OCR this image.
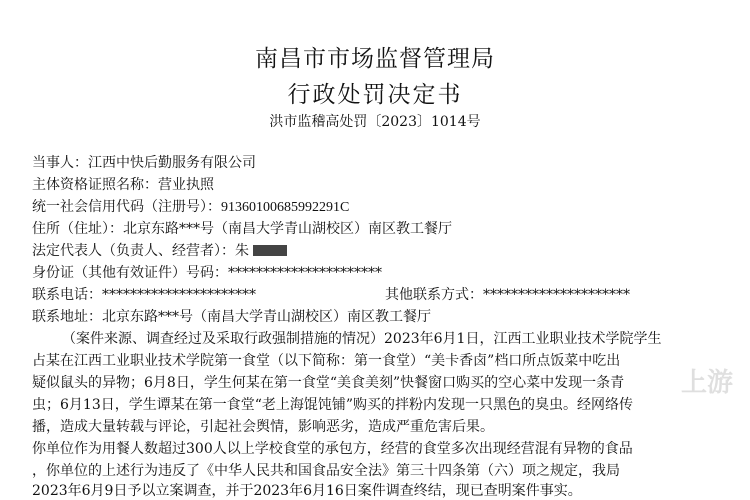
南昌市市场监督管理局
行政处罚决定书
洪市监稽高处罚〔2023〕1014号
当事人：江西中快后勤服务有限公司
主体资格证照名称：营业执照
统一社会信用代码（注册号）：91360100685992291C
住所（住址）：北京东路***号（南昌大学青山湖校区）南区教工餐厅
法定代表人（负责人、经营者）：朱
身份证（其他有效证件）号码：**********************
联系电话：**********************	其他联系方式：*********************
联系地址：北京东路***号（南昌大学青山湖校区）南区教工餐厅
（案件来源、调查经过及采取行政强制措施的情况）2023年6月1日，江西工业职业技术学院学生
占某在江西工业职业技术学院第一食堂（以下简称：第一食堂）“美卡香卤”档口所点饭菜中吃出
疑似鼠头的异物；6月8日，学生何某在第一食堂“美食美刻”快餐窗口购买的空心菜中发现一条青
虫；6月13日，学生谭某在第一食堂“老上海馄饨铺”购买的拌粉内发现一只黑色的臭虫。经网络传
播，造成大量转载与评论，引起社会舆情，影响恶劣，造成严重危害后果。
你单位作为用餐人数超过300人以上学校食堂的承包方，经营的食堂多次出现经营混有异物的食品
，你单位的上述行为违反了《中华人民共和国食品安全法》第三十四条第（六）项之规定，我局
2023年6月9日予以立案调查，并于2023年6月16日案件调查终结，现已查明案件事实。
上游
